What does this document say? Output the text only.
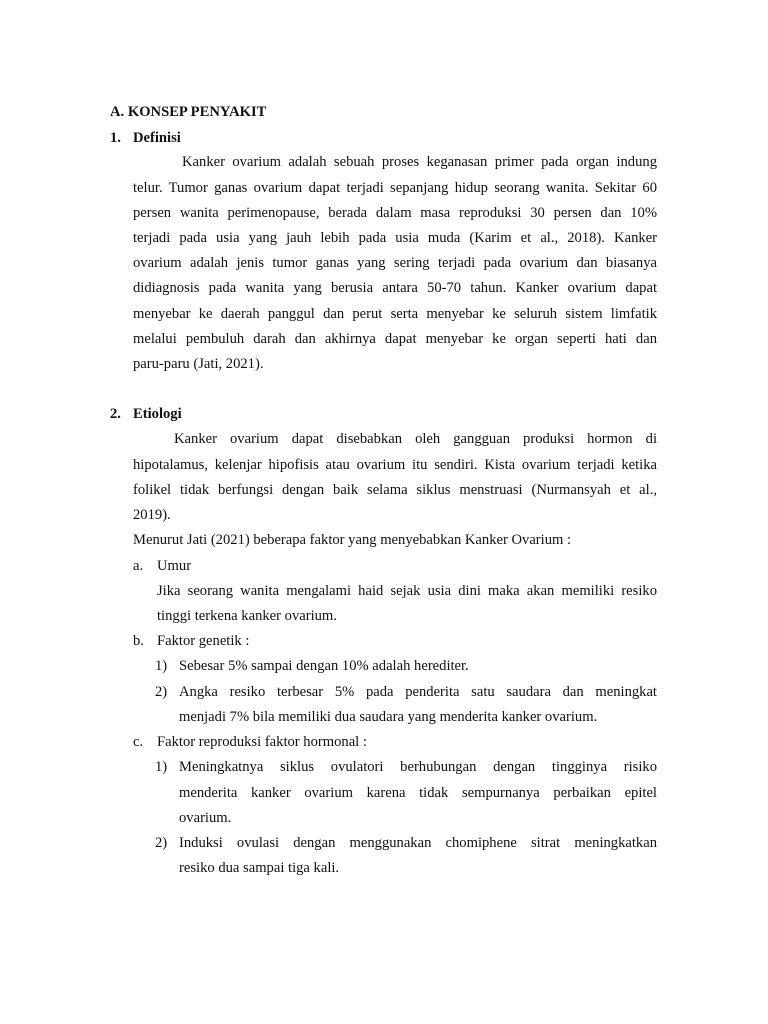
A. KONSEP PENYAKIT
1. Definisi
Kanker ovarium adalah sebuah proses keganasan primer pada organ indung
telur. Tumor ganas ovarium dapat terjadi sepanjang hidup seorang wanita. Sekitar 60
persen wanita perimenopause, berada dalam masa reproduksi 30 persen dan 10%
terjadi pada usia yang jauh lebih pada usia muda (Karim et al., 2018). Kanker
ovarium adalah jenis tumor ganas yang sering terjadi pada ovarium dan biasanya
didiagnosis pada wanita yang berusia antara 50-70 tahun. Kanker ovarium dapat
menyebar ke daerah panggul dan perut serta menyebar ke seluruh sistem limfatik
melalui pembuluh darah dan akhirnya dapat menyebar ke organ seperti hati dan
paru-paru (Jati, 2021).
2. Etiologi
Kanker ovarium dapat disebabkan oleh gangguan produksi hormon di
hipotalamus, kelenjar hipofisis atau ovarium itu sendiri. Kista ovarium terjadi ketika
folikel tidak berfungsi dengan baik selama siklus menstruasi (Nurmansyah et al.,
2019).
Menurut Jati (2021) beberapa faktor yang menyebabkan Kanker Ovarium :
a. Umur
Jika seorang wanita mengalami haid sejak usia dini maka akan memiliki resiko
tinggi terkena kanker ovarium.
b. Faktor genetik :
1) Sebesar 5% sampai dengan 10% adalah herediter.
2) Angka resiko terbesar 5% pada penderita satu saudara dan meningkat
menjadi 7% bila memiliki dua saudara yang menderita kanker ovarium.
c. Faktor reproduksi faktor hormonal :
1) Meningkatnya siklus ovulatori berhubungan dengan tingginya risiko
menderita kanker ovarium karena tidak sempurnanya perbaikan epitel
ovarium.
2) Induksi ovulasi dengan menggunakan chomiphene sitrat meningkatkan
resiko dua sampai tiga kali.
